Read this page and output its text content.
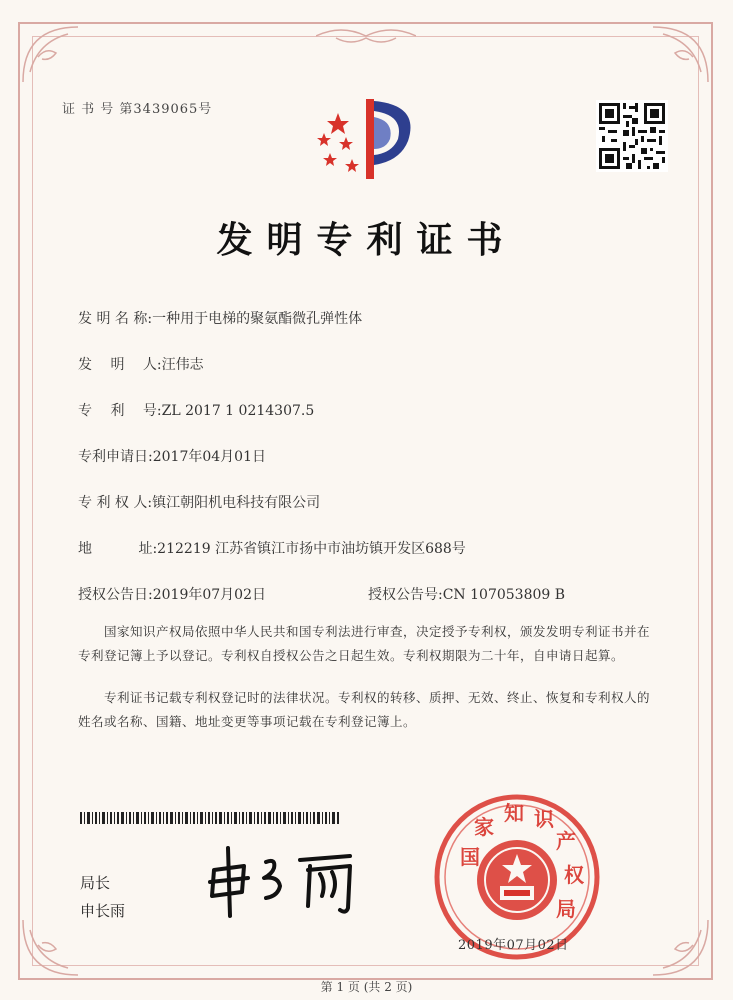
证 书 号 第3439065号
发明专利证书
发 明 名 称:一种用于电梯的聚氨酯微孔弹性体
发　 明　 人:汪伟志
专　 利　 号:ZL 2017 1 0214307.5
专利申请日:2017年04月01日
专 利 权 人:镇江朝阳机电科技有限公司
地　　　 址:212219 江苏省镇江市扬中市油坊镇开发区688号
授权公告日:2019年07月02日	授权公告号:CN 107053809 B
国家知识产权局依照中华人民共和国专利法进行审查，决定授予专利权，颁发发明专利证书并在专利登记簿上予以登记。专利权自授权公告之日起生效。专利权期限为二十年，自申请日起算。
专利证书记载专利权登记时的法律状况。专利权的转移、质押、无效、终止、恢复和专利权人的姓名或名称、国籍、地址变更等事项记载在专利登记簿上。
局长
申长雨
国
家
知 识
产
权
局
2019年07月02日
第 1 页 (共 2 页)
